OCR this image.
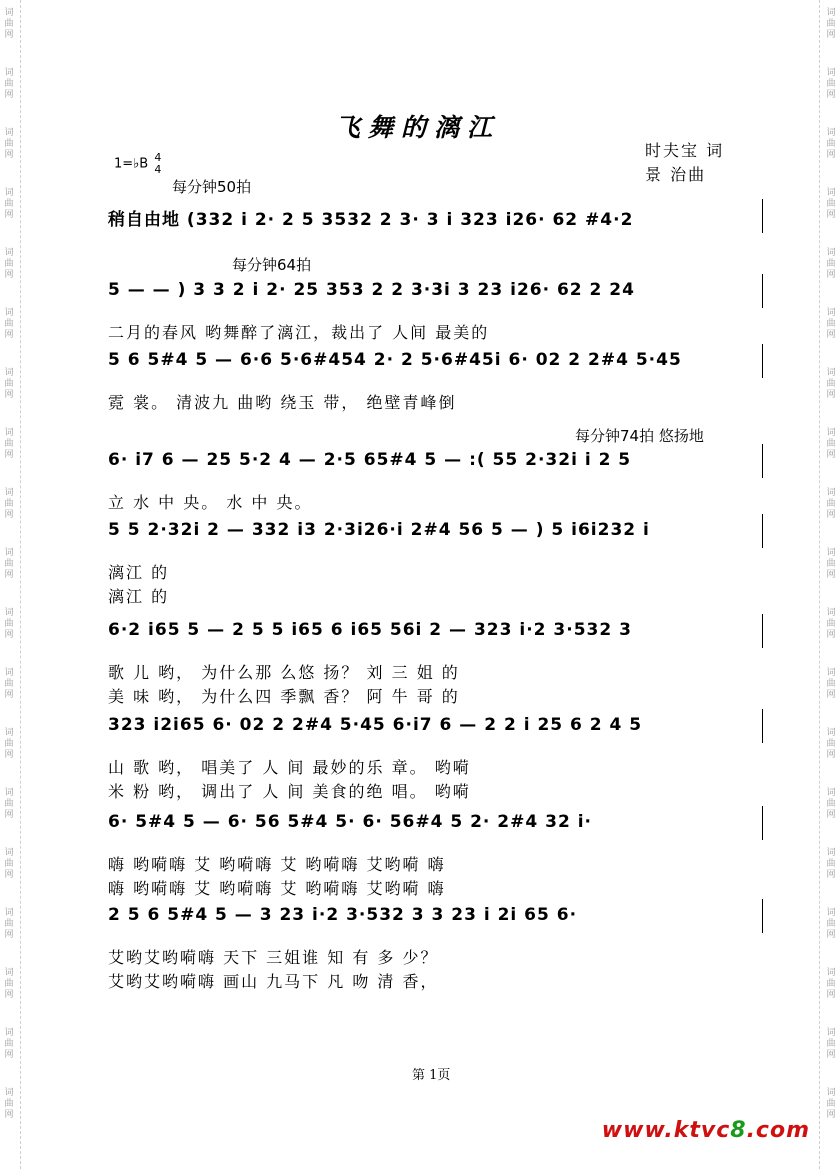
词
曲
网
词
曲
网
词
曲
网
词
曲
网
词
曲
网
词
曲
网
词
曲
网
词
曲
网
词
曲
网
词
曲
网
词
曲
网
词
曲
网
词
曲
网
词
曲
网
词
曲
网
词
曲
网
词
曲
网
词
曲
网
词
曲
网
词
曲
网
词
曲
网
词
曲
网
词
曲
网
词
曲
网
词
曲
网
词
曲
网
词
曲
网
词
曲
网
词
曲
网
词
曲
网
词
曲
网
词
曲
网
词
曲
网
词
曲
网
词
曲
网
词
曲
网
词
曲
网
词
曲
网
飞舞的漓江
时夫宝 词
景 治曲
1=♭B 4
4
每分钟50拍
每分钟64拍
每分钟74拍 悠扬地
稍自由地 (332 i 2· 2 5 3532 2 3· 3 i 323 i26· 62 #4·2
5 — — ) 3 3 2 i 2· 25 353 2 2 3·3i 3 23 i26· 62 2 24
二月的春风 哟舞醉了漓江，裁出了 人间 最美的
5 6 5#4 5 — 6·6 5·6#454 2· 2 5·6#45i 6· 02 2 2#4 5·45
霓 裳。 清波九 曲哟 绕玉 带， 绝壁青峰倒
6· i7 6 — 25 5·2 4 — 2·5 65#4 5 — :( 55 2·32i i 2 5
立 水 中 央。 水 中 央。
5 5 2·32i 2 — 332 i3 2·3i26·i 2#4 56 5 — ) 5 i6i232 i
漓江 的
漓江 的
6·2 i65 5 — 2 5 5 i65 6 i65 56i 2 — 323 i·2 3·532 3
歌 儿 哟， 为什么那 么悠 扬？ 刘 三 姐 的
美 味 哟， 为什么四 季飘 香？ 阿 牛 哥 的
323 i2i65 6· 02 2 2#4 5·45 6·i7 6 — 2 2 i 25 6 2 4 5
山 歌 哟， 唱美了 人 间 最妙的乐 章。 哟嗬
米 粉 哟， 调出了 人 间 美食的绝 唱。 哟嗬
6· 5#4 5 — 6· 56 5#4 5· 6· 56#4 5 2· 2#4 32 i·
嗨 哟嗬嗨 艾 哟嗬嗨 艾 哟嗬嗨 艾哟嗬 嗨
嗨 哟嗬嗨 艾 哟嗬嗨 艾 哟嗬嗨 艾哟嗬 嗨
2 5 6 5#4 5 — 3 23 i·2 3·532 3 3 23 i 2i 65 6·
艾哟艾哟嗬嗨 天下 三姐谁 知 有 多 少？
艾哟艾哟嗬嗨 画山 九马下 凡 吻 清 香，
第 1页
www.ktvc8.com
